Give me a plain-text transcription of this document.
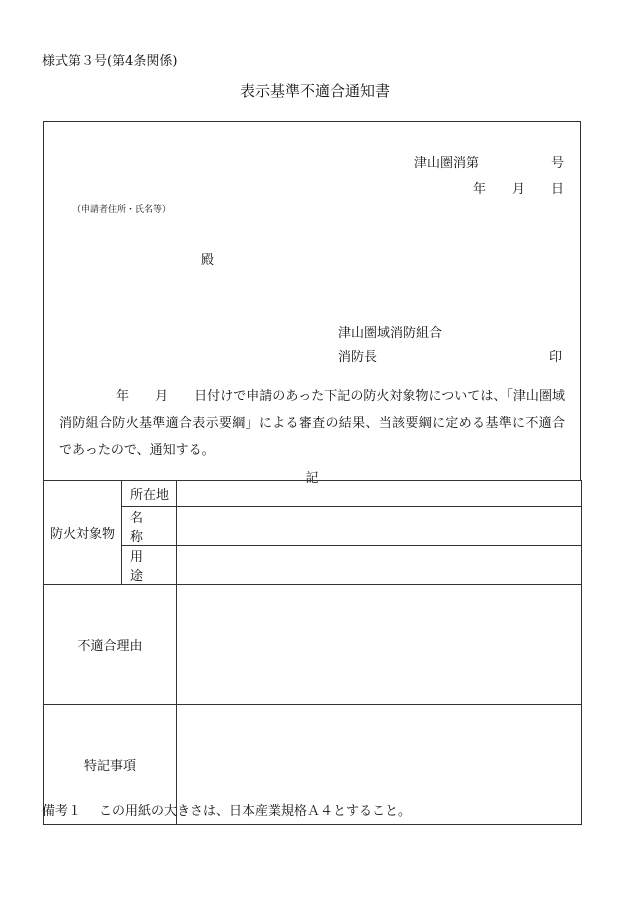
様式第３号(第4条関係)
表示基準不適合通知書
津山圏消第	号
年 月 日
（申請者住所・氏名等）
殿
津山圏域消防組合
消防長	印
年 月 日付けで申請のあった下記の防火対象物については、「津山圏域消防組合防火基準適合表示要綱」による審査の結果、当該要綱に定める基準に不適合であったので、通知する。
記
防火対象物	所在地	
	名称	
	用途	
不適合理由		
特記事項		
備考１ この用紙の大きさは、日本産業規格Ａ４とすること。
